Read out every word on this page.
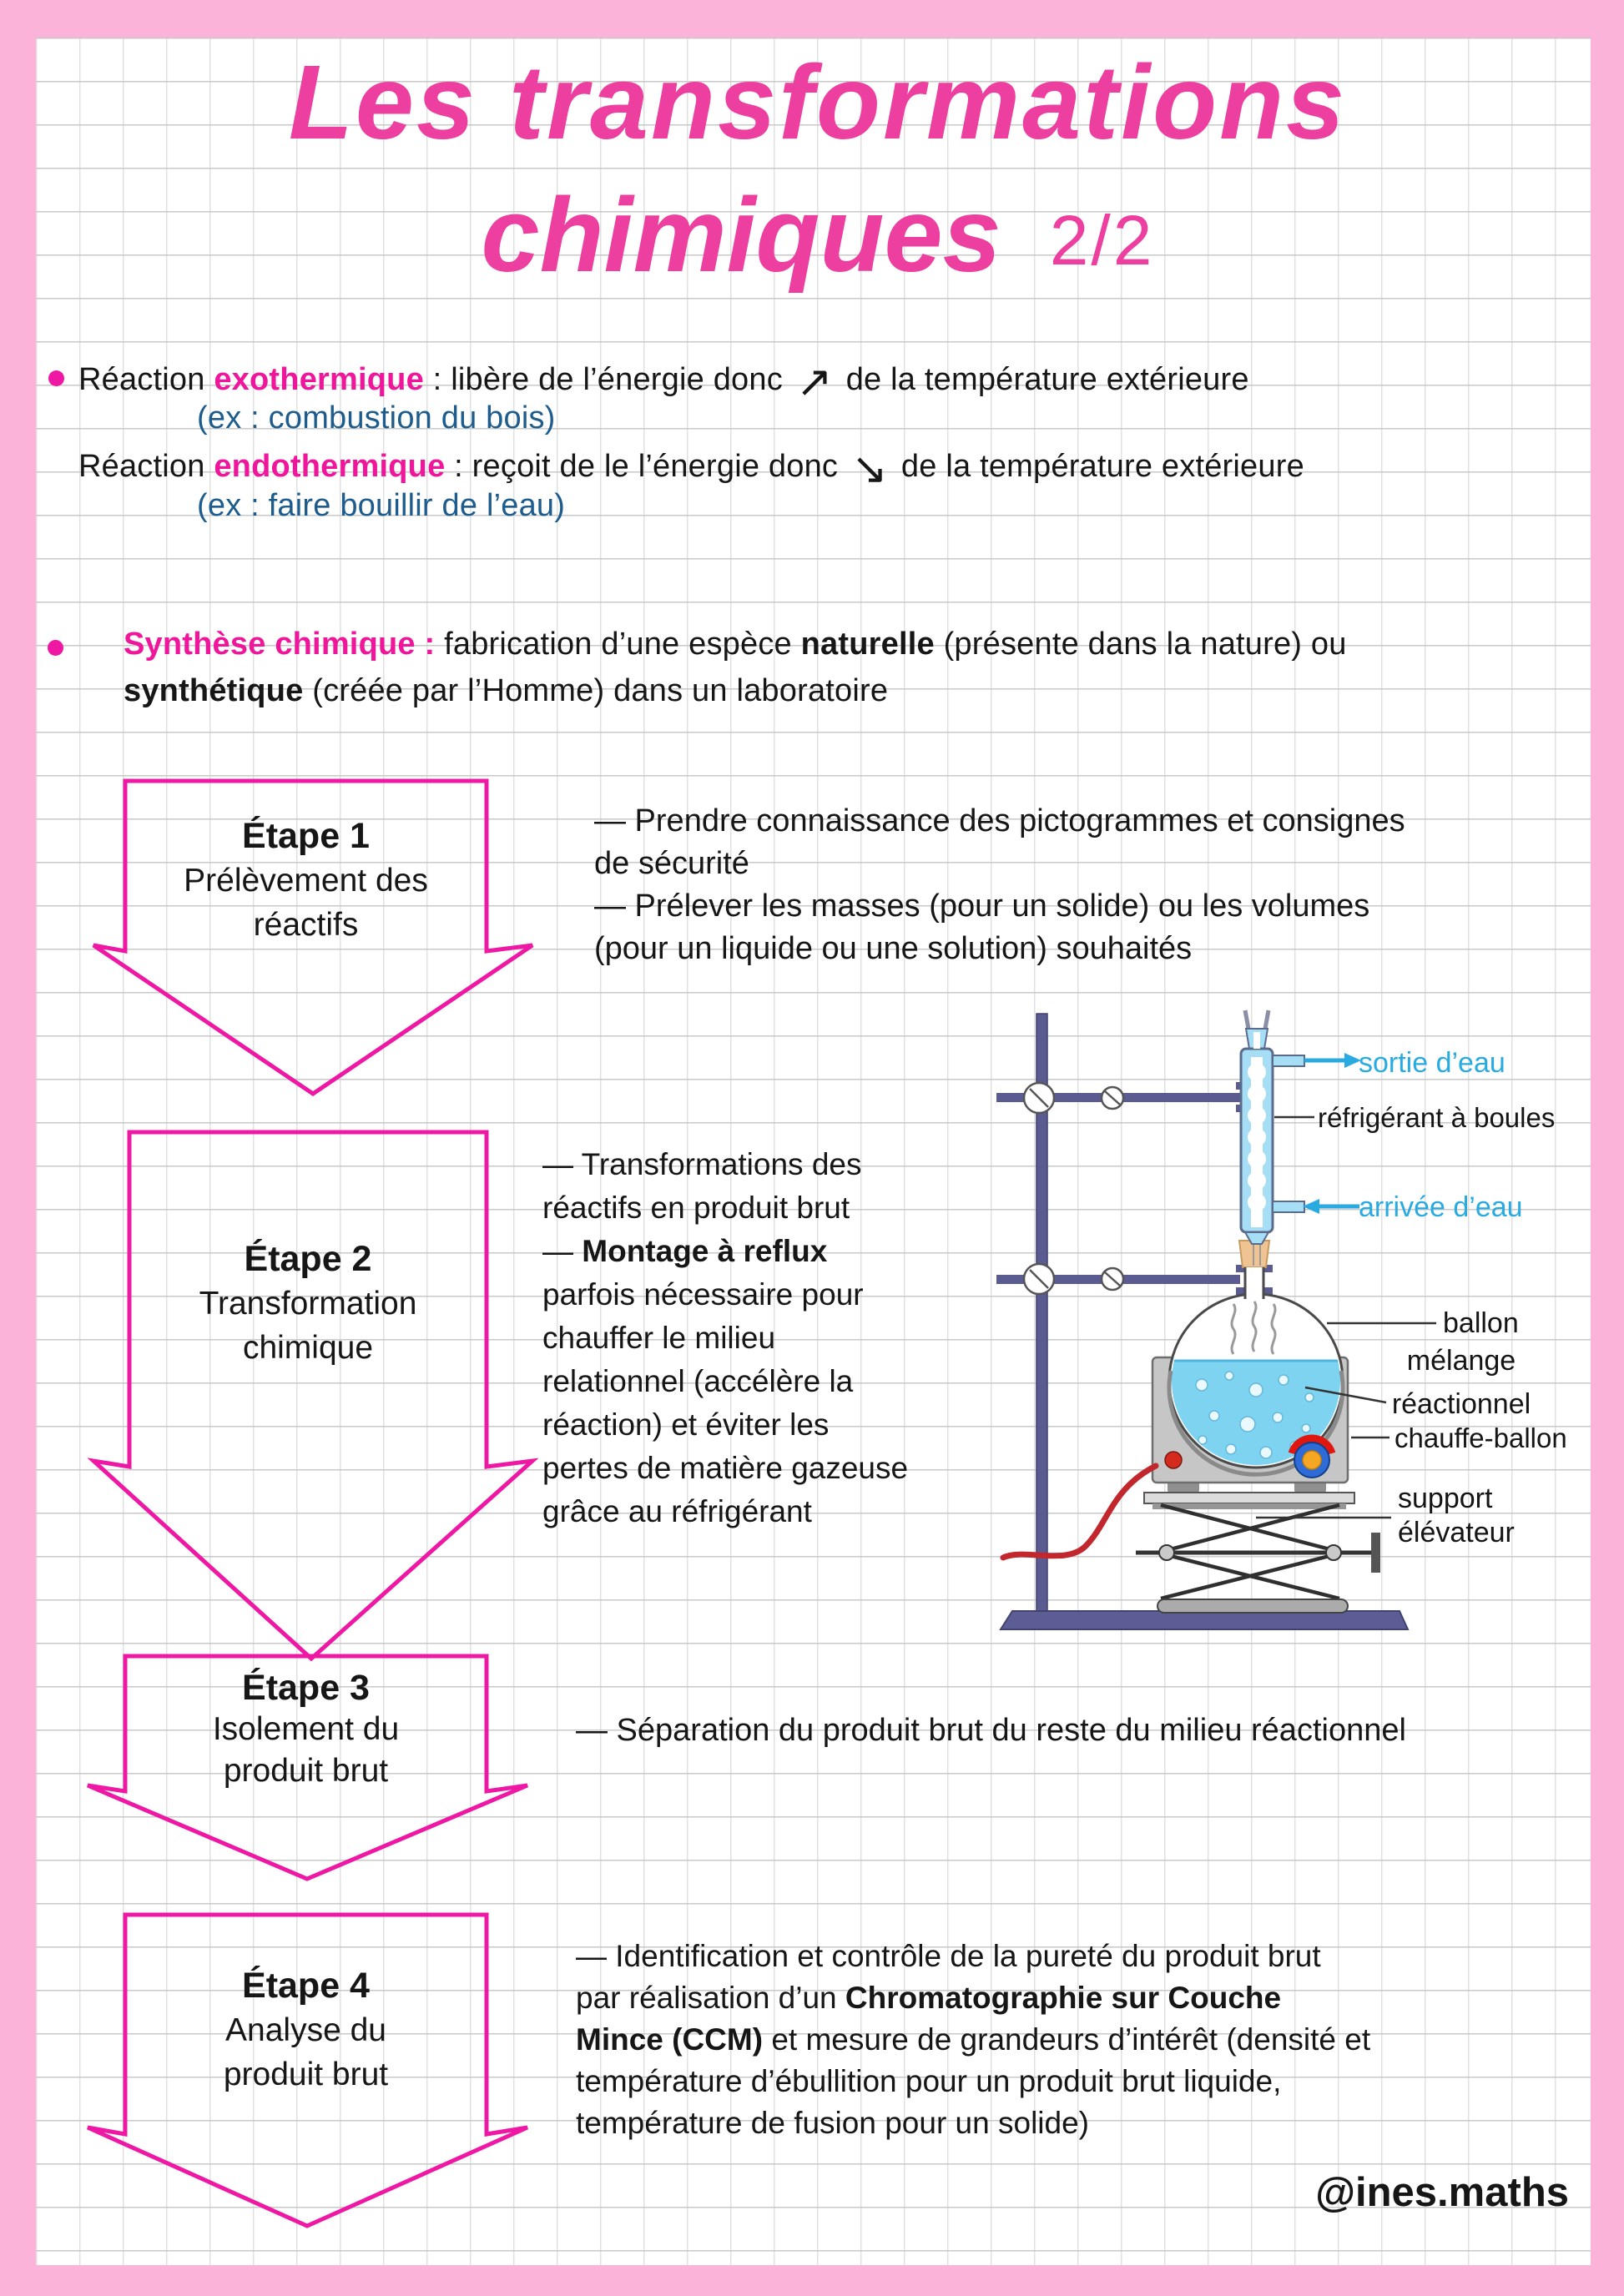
Les transformations
chimiques 2/2
Réaction exothermique : libère de l’énergie donc ↗ de la température extérieure
(ex : combustion du bois)
Réaction endothermique : reçoit de le l’énergie donc ↘ de la température extérieure
(ex : faire bouillir de l’eau)
Synthèse chimique : fabrication d’une espèce naturelle (présente dans la nature) ou
synthétique (créée par l’Homme) dans un laboratoire
Étape 1
Prélèvement des
réactifs
— Prendre connaissance des pictogrammes et consignes
de sécurité
— Prélever les masses (pour un solide) ou les volumes
(pour un liquide ou une solution) souhaités
Étape 2
Transformation
chimique
— Transformations des
réactifs en produit brut
— Montage à reflux
parfois nécessaire pour
chauffer le milieu
relationnel (accélère la
réaction) et éviter les
pertes de matière gazeuse
grâce au réfrigérant
sortie d’eau
réfrigérant à boules
arrivée d’eau
ballon
mélange
réactionnel
chauffe-ballon
support
élévateur
Étape 3
Isolement du
produit brut
— Séparation du produit brut du reste du milieu réactionnel
Étape 4
Analyse du
produit brut
— Identification et contrôle de la pureté du produit brut
par réalisation d’un Chromatographie sur Couche
Mince (CCM) et mesure de grandeurs d’intérêt (densité et
température d’ébullition pour un produit brut liquide,
température de fusion pour un solide)
@ines.maths
